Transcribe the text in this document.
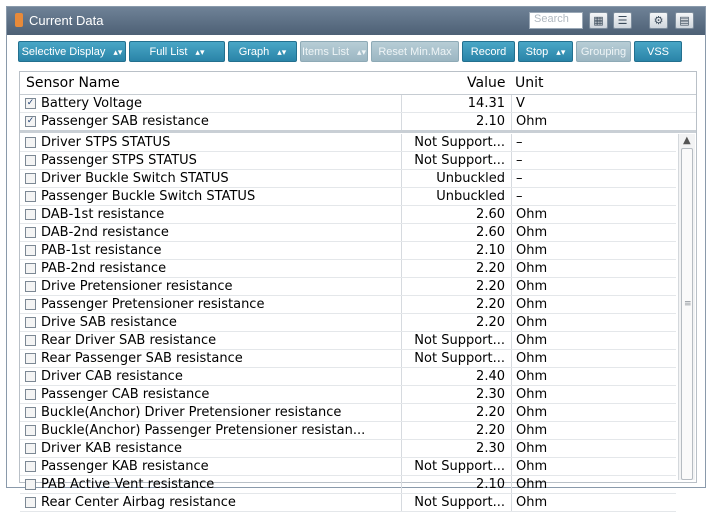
Current Data	Search	▦	☰	⚙	▤
Selective Display ▴▾	Full List ▴▾	Graph ▴▾	Items List ▴▾	Reset Min.Max	Record	Stop ▴▾	Grouping	VSS
Sensor Name	Value Unit
✓ Battery Voltage	14.31 V
✓ Passenger SAB resistance	2.10 Ohm
Driver STPS STATUS	Not Support... –
Passenger STPS STATUS	Not Support... –
Driver Buckle Switch STATUS	Unbuckled –
Passenger Buckle Switch STATUS	Unbuckled –
DAB-1st resistance	2.60 Ohm
DAB-2nd resistance	2.60 Ohm
PAB-1st resistance	2.10 Ohm
PAB-2nd resistance	2.20 Ohm
Drive Pretensioner resistance	2.20 Ohm
Passenger Pretensioner resistance	2.20 Ohm
Drive SAB resistance	2.20 Ohm
Rear Driver SAB resistance	Not Support... Ohm
Rear Passenger SAB resistance	Not Support... Ohm
Driver CAB resistance	2.40 Ohm
Passenger CAB resistance	2.30 Ohm
Buckle(Anchor) Driver Pretensioner resistance	2.20 Ohm
Buckle(Anchor) Passenger Pretensioner resistan...	2.20 Ohm
Driver KAB resistance	2.30 Ohm
Passenger KAB resistance	Not Support... Ohm
PAB Active Vent resistance	2.10 Ohm
Rear Center Airbag resistance	Not Support... Ohm
▲
≡
